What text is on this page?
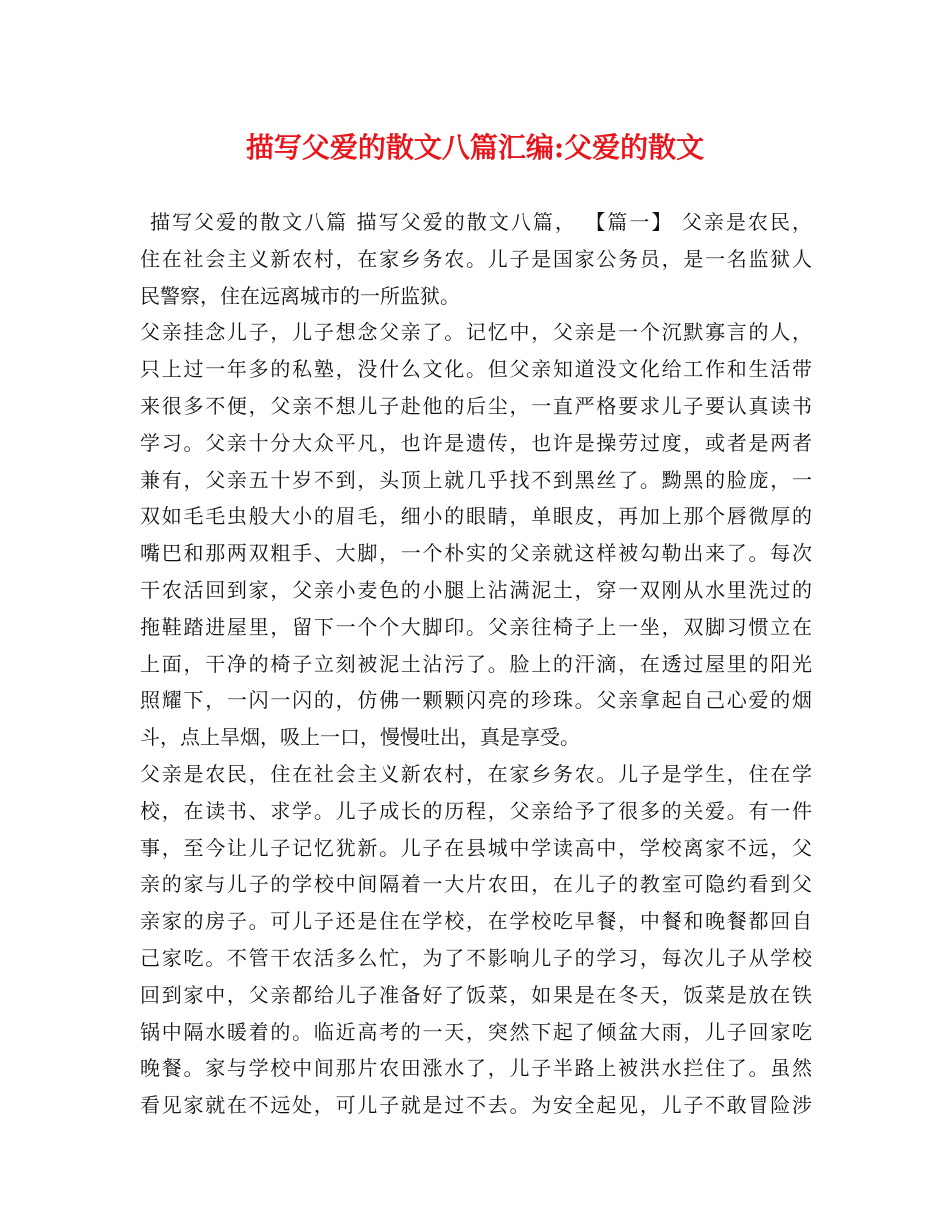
描写父爱的散文八篇汇编:父爱的散文
描写父爱的散文八篇 描写父爱的散文八篇， 【篇一】 父亲是农民，
住在社会主义新农村，在家乡务农。儿子是国家公务员，是一名监狱人
民警察，住在远离城市的一所监狱。
父亲挂念儿子，儿子想念父亲了。记忆中，父亲是一个沉默寡言的人，
只上过一年多的私塾，没什么文化。但父亲知道没文化给工作和生活带
来很多不便，父亲不想儿子赴他的后尘，一直严格要求儿子要认真读书
学习。父亲十分大众平凡，也许是遗传，也许是操劳过度，或者是两者
兼有，父亲五十岁不到，头顶上就几乎找不到黑丝了。黝黑的脸庞，一
双如毛毛虫般大小的眉毛，细小的眼睛，单眼皮，再加上那个唇微厚的
嘴巴和那两双粗手、大脚，一个朴实的父亲就这样被勾勒出来了。每次
干农活回到家，父亲小麦色的小腿上沾满泥土，穿一双刚从水里洗过的
拖鞋踏进屋里，留下一个个大脚印。父亲往椅子上一坐，双脚习惯立在
上面，干净的椅子立刻被泥土沾污了。脸上的汗滴，在透过屋里的阳光
照耀下，一闪一闪的，仿佛一颗颗闪亮的珍珠。父亲拿起自己心爱的烟
斗，点上旱烟，吸上一口，慢慢吐出，真是享受。
父亲是农民，住在社会主义新农村，在家乡务农。儿子是学生，住在学
校，在读书、求学。儿子成长的历程，父亲给予了很多的关爱。有一件
事，至今让儿子记忆犹新。儿子在县城中学读高中，学校离家不远，父
亲的家与儿子的学校中间隔着一大片农田，在儿子的教室可隐约看到父
亲家的房子。可儿子还是住在学校，在学校吃早餐，中餐和晚餐都回自
己家吃。不管干农活多么忙，为了不影响儿子的学习，每次儿子从学校
回到家中，父亲都给儿子准备好了饭菜，如果是在冬天，饭菜是放在铁
锅中隔水暖着的。临近高考的一天，突然下起了倾盆大雨，儿子回家吃
晚餐。家与学校中间那片农田涨水了，儿子半路上被洪水拦住了。虽然
看见家就在不远处，可儿子就是过不去。为安全起见，儿子不敢冒险涉
